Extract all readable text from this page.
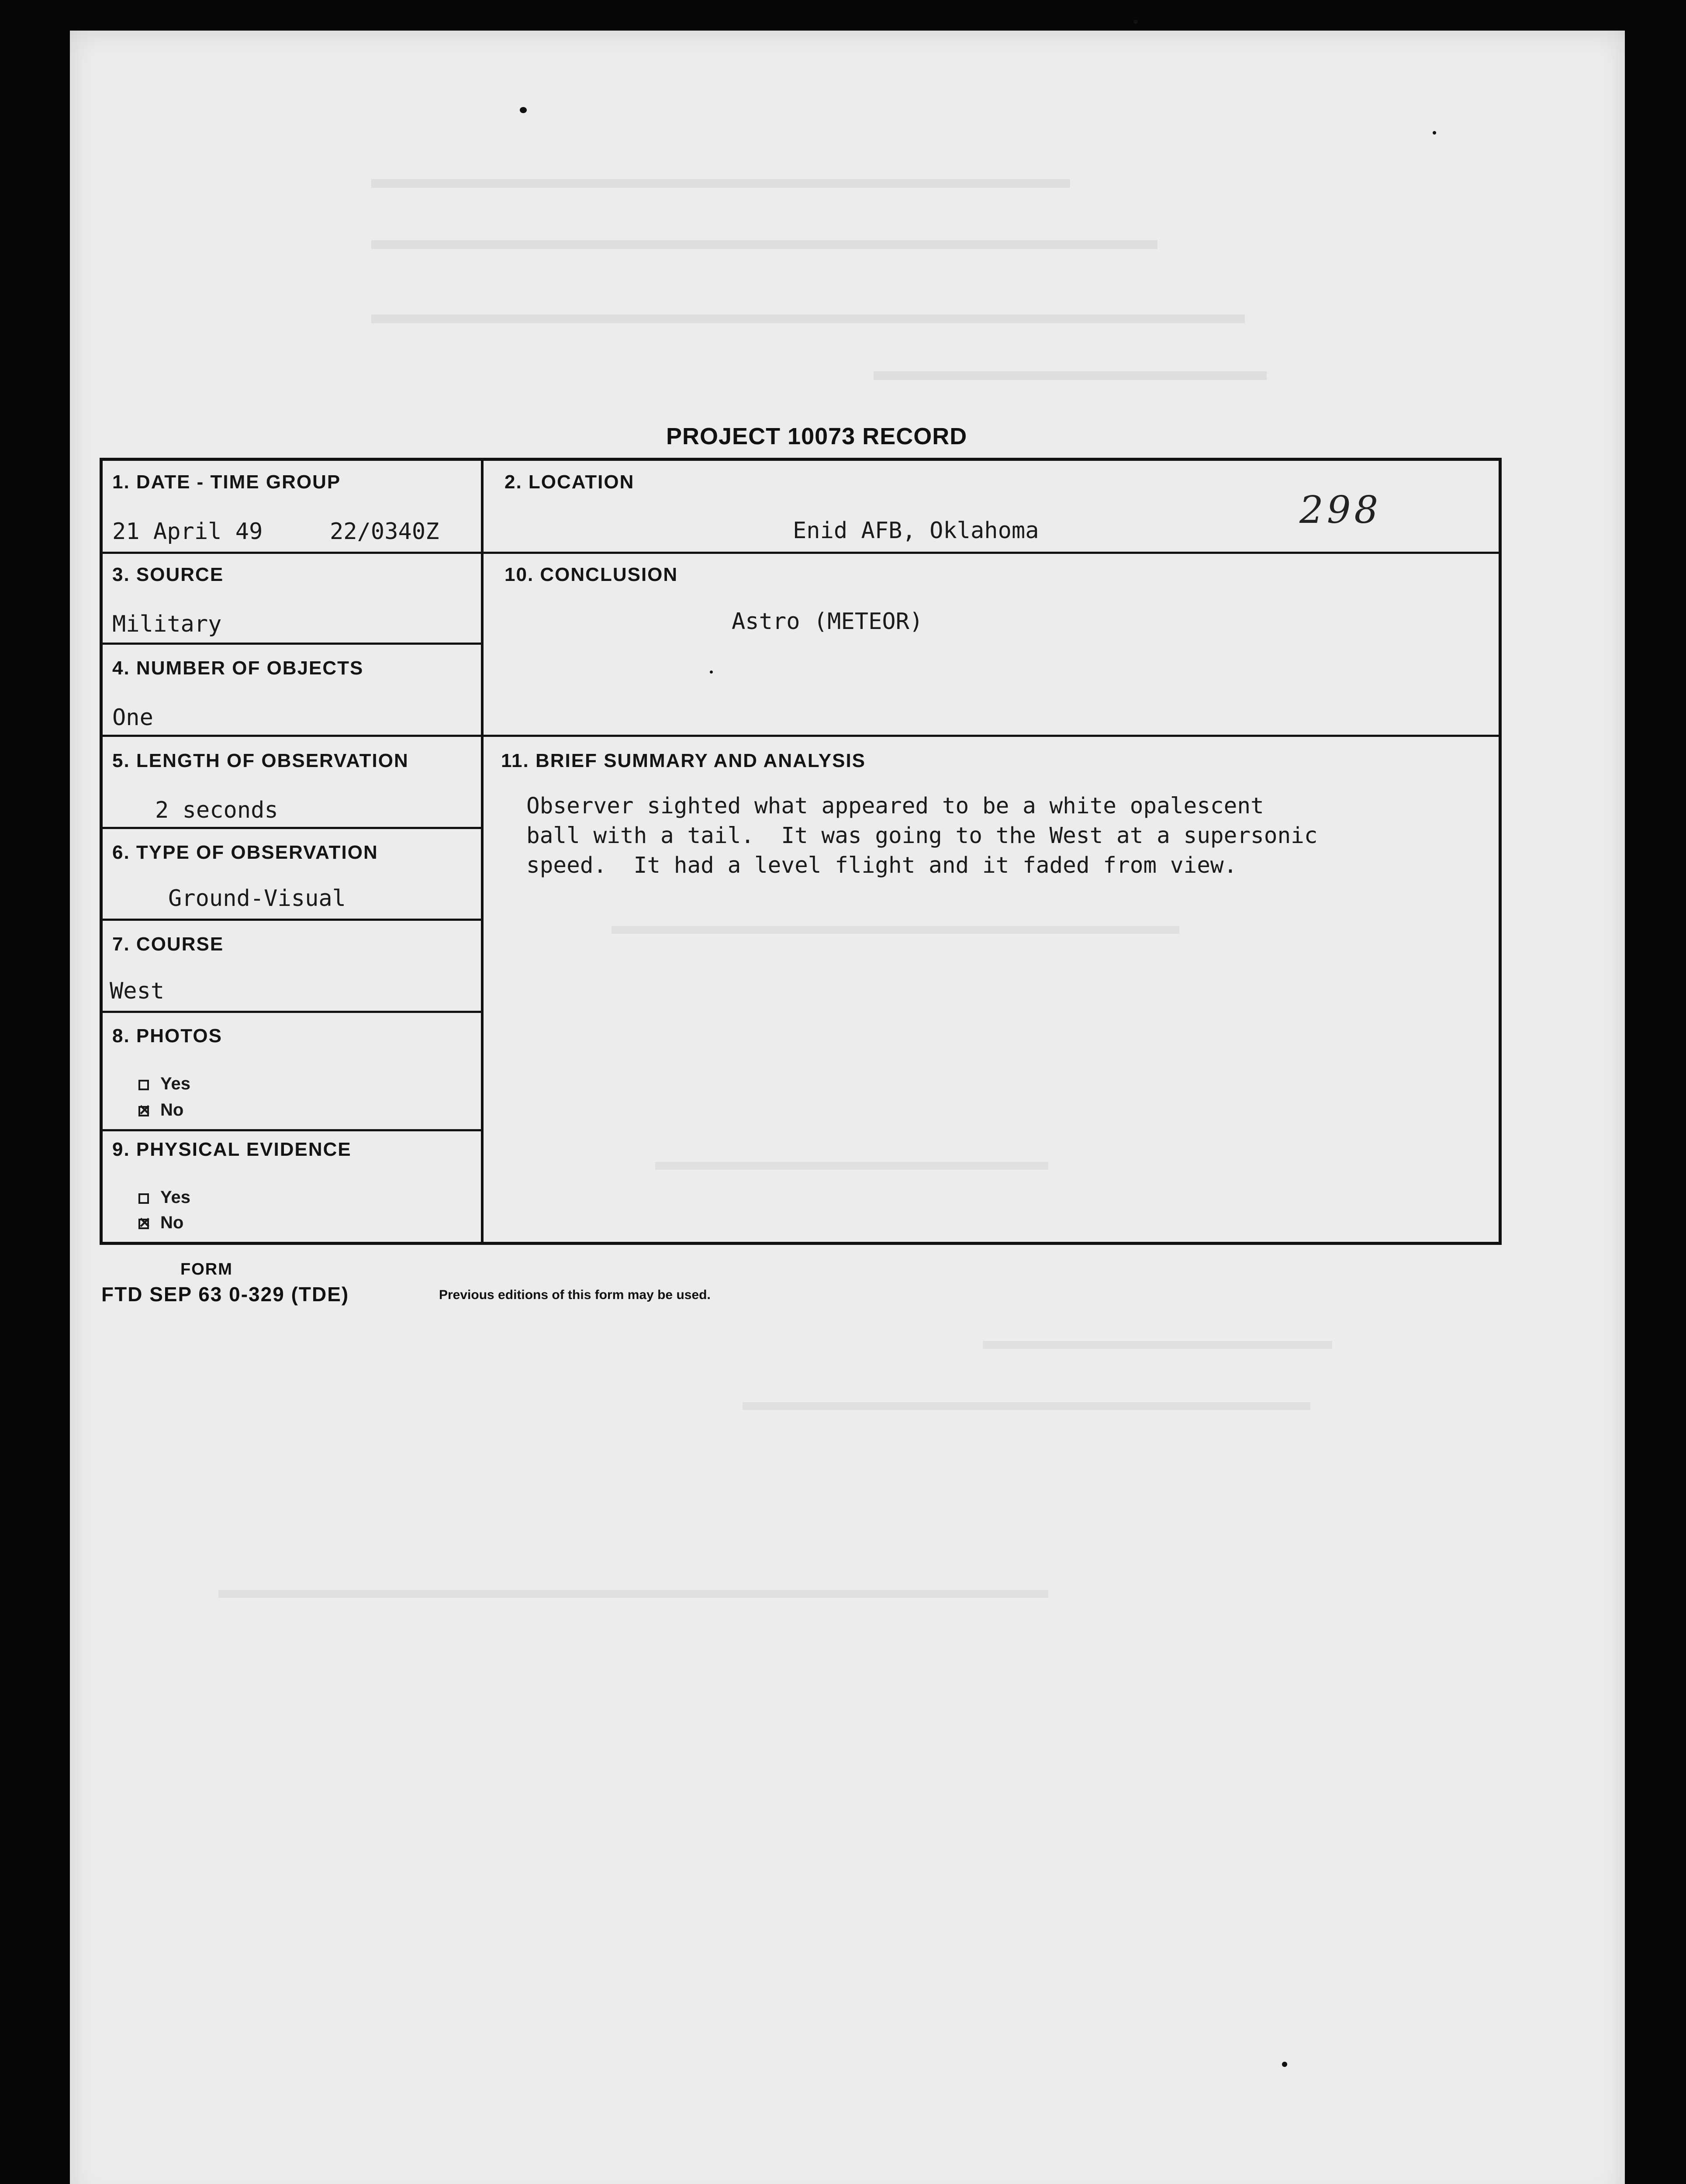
PROJECT 10073 RECORD
298
1. DATE - TIME GROUP
21 April 49	22/0340Z
2. LOCATION
Enid AFB, Oklahoma
3. SOURCE
Military
10. CONCLUSION
Astro (METEOR)
4. NUMBER OF OBJECTS
One
5. LENGTH OF OBSERVATION
2 seconds
11. BRIEF SUMMARY AND ANALYSIS
6. TYPE OF OBSERVATION
Ground-Visual
7. COURSE
West
8. PHOTOS
Yes
✕No
9. PHYSICAL EVIDENCE
Yes
✕No
Observer sighted what appeared to be a white opalescent
ball with a tail.  It was going to the West at a supersonic
speed.  It had a level flight and it faded from view.
FORM
FTD SEP 63 0-329 (TDE)	Previous editions of this form may be used.
